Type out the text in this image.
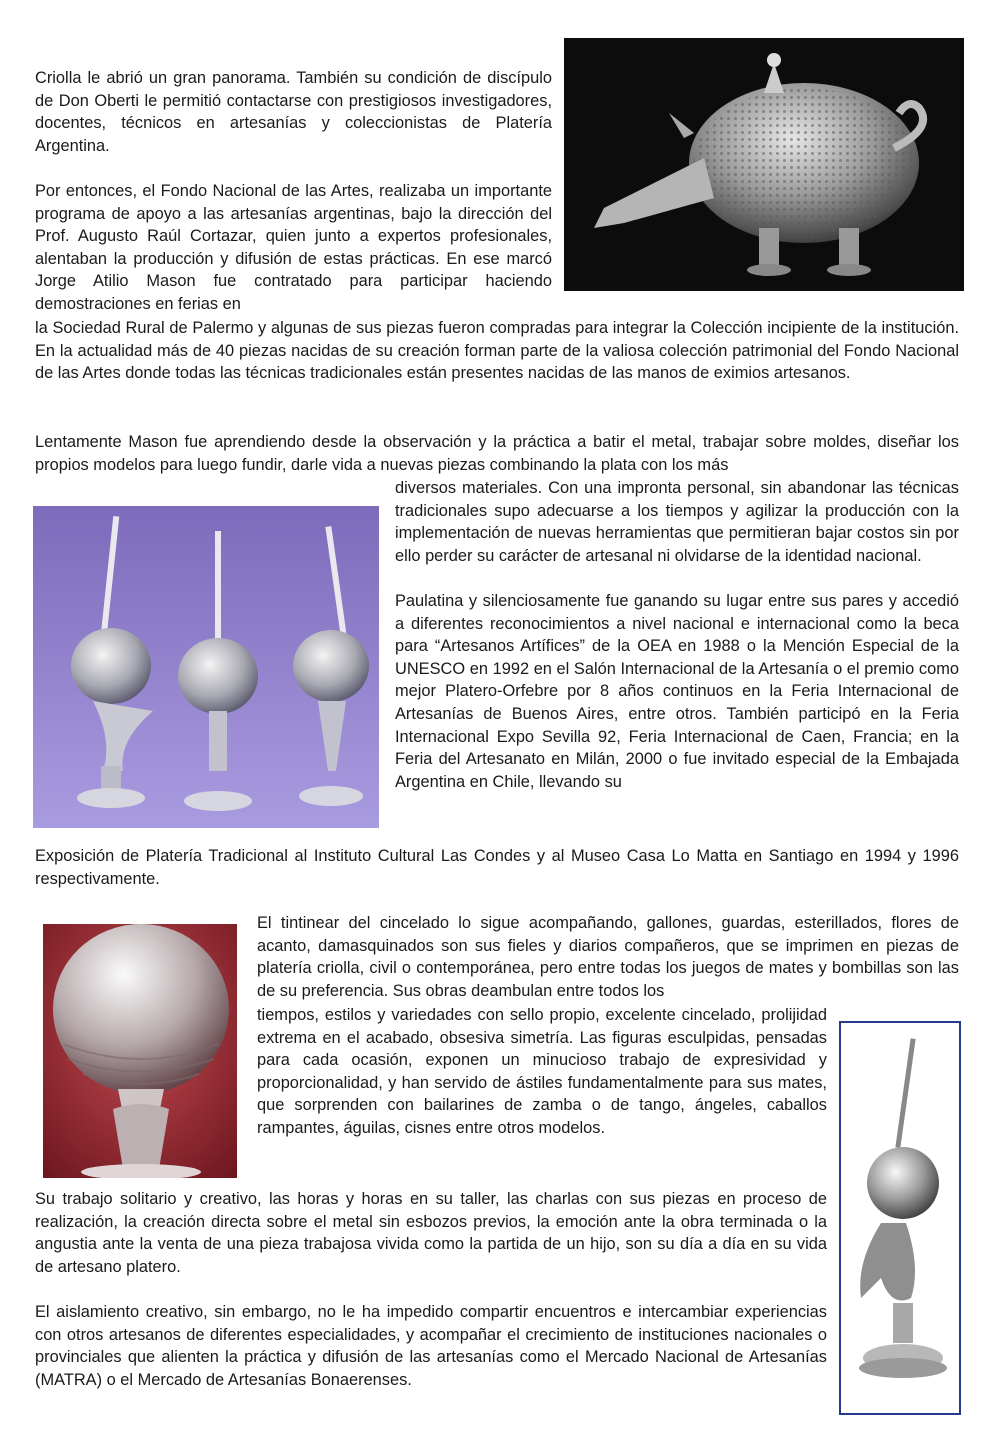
Criolla le abrió un gran panorama. También su condición de discípulo de Don Oberti le permitió contactarse con prestigiosos investigadores, docentes, técnicos en artesanías y coleccionistas de Platería Argentina.

Por entonces, el Fondo Nacional de las Artes, realizaba un importante programa de apoyo a las artesanías argentinas, bajo la dirección del Prof. Augusto Raúl Cortazar, quien junto a expertos profesionales, alentaban la producción y difusión de estas prácticas. En ese marcó Jorge Atilio Mason fue contratado para participar haciendo demostraciones en ferias en

la Sociedad Rural de Palermo y algunas de sus piezas fueron compradas para integrar la Colección incipiente de la institución. En la actualidad más de 40 piezas nacidas de su creación forman parte de la valiosa colección patrimonial del Fondo Nacional de las Artes donde todas las técnicas tradicionales están presentes nacidas de las manos de eximios artesanos.

Lentamente Mason fue aprendiendo desde la observación y la práctica a batir el metal, trabajar sobre moldes, diseñar los propios modelos para luego fundir, darle vida a nuevas piezas combinando la plata con los más

diversos materiales. Con una impronta personal, sin abandonar las técnicas tradicionales supo adecuarse a los tiempos y agilizar la producción con la implementación de nuevas herramientas que permitieran bajar costos sin por ello perder su carácter de artesanal ni olvidarse de la identidad nacional.

Paulatina y silenciosamente fue ganando su lugar entre sus pares y accedió a diferentes reconocimientos a nivel nacional e internacional como la beca para “Artesanos Artífices” de la OEA en 1988 o la Mención Especial de la UNESCO en 1992 en el Salón Internacional de la Artesanía o el premio como mejor Platero-Orfebre por 8 años continuos en la Feria Internacional de Artesanías de Buenos Aires, entre otros. También participó en la Feria Internacional Expo Sevilla 92, Feria Internacional de Caen, Francia; en la Feria del Artesanato en Milán, 2000 o fue invitado especial de la Embajada Argentina en Chile, llevando su

Exposición de Platería Tradicional al Instituto Cultural Las Condes y al Museo Casa Lo Matta en Santiago en 1994 y 1996 respectivamente.

El tintinear del cincelado lo sigue acompañando, gallones, guardas, esterillados, flores de acanto, damasquinados son sus fieles y diarios compañeros, que se imprimen en piezas de platería criolla, civil o contemporánea, pero entre todas los juegos de mates y bombillas son las de su preferencia. Sus obras deambulan entre todos los

tiempos, estilos y variedades con sello propio, excelente cincelado, prolijidad extrema en el acabado, obsesiva simetría. Las figuras esculpidas, pensadas para cada ocasión, exponen un minucioso trabajo de expresividad y proporcionalidad, y han servido de ástiles fundamentalmente para sus mates, que sorprenden con bailarines de zamba o de tango, ángeles, caballos rampantes, águilas, cisnes entre otros modelos.

Su trabajo solitario y creativo, las horas y horas en su taller, las charlas con sus piezas en proceso de realización, la creación directa sobre el metal sin esbozos previos, la emoción ante la obra terminada o la angustia ante la venta de una pieza trabajosa vivida como la partida de un hijo, son su día a día en su vida de artesano platero.

El aislamiento creativo, sin embargo, no le ha impedido compartir encuentros e intercambiar experiencias con otros artesanos de diferentes especialidades, y acompañar el crecimiento de instituciones nacionales o provinciales que alienten la práctica y difusión de las artesanías como el Mercado Nacional de Artesanías (MATRA) o el Mercado de Artesanías Bonaerenses.
